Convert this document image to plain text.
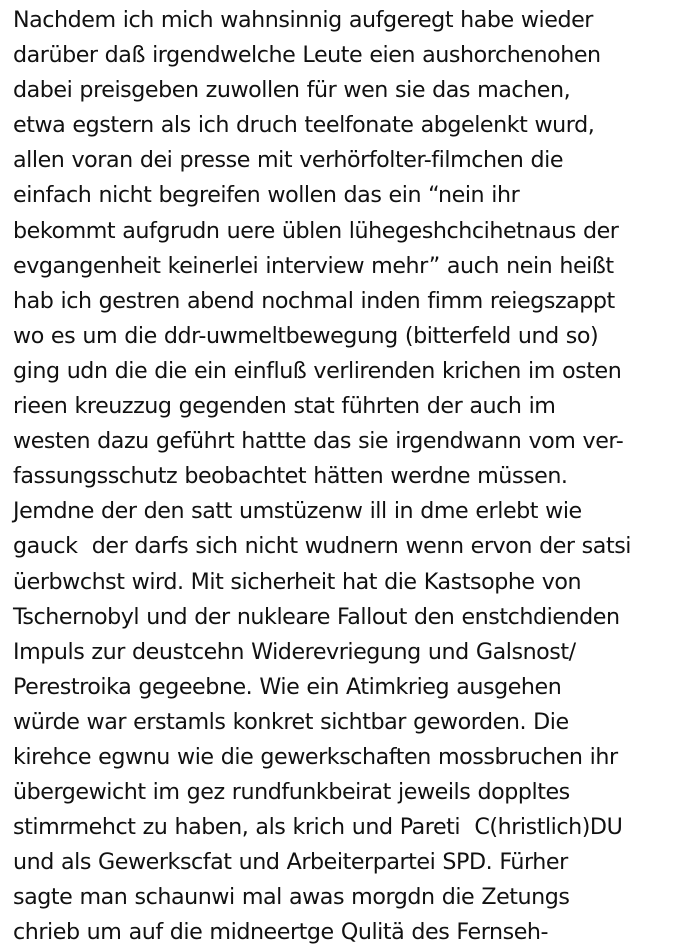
Nachdem ich mich wahnsinnig aufgeregt habe wieder
darüber daß irgendwelche Leute eien aushorchenohen
dabei preisgeben zuwollen für wen sie das machen,
etwa egstern als ich druch teelfonate abgelenkt wurd,
allen voran dei presse mit verhörfolter-filmchen die
einfach nicht begreifen wollen das ein “nein ihr
bekommt aufgrudn uere üblen lühegeshchcihetnaus der
evgangenheit keinerlei interview mehr” auch nein heißt
hab ich gestren abend nochmal inden fimm reiegszappt
wo es um die ddr-uwmeltbewegung (bitterfeld und so)
ging udn die die ein einfluß verlirenden krichen im osten
rieen kreuzzug gegenden stat führten der auch im
westen dazu geführt hattte das sie irgendwann vom ver-
fassungsschutz beobachtet hätten werdne müssen.
Jemdne der den satt umstüzenw ill in dme erlebt wie
gauck  der darfs sich nicht wudnern wenn ervon der satsi
üerbwchst wird. Mit sicherheit hat die Kastsophe von
Tschernobyl und der nukleare Fallout den enstchdienden
Impuls zur deustcehn Widerevriegung und Galsnost/
Perestroika gegeebne. Wie ein Atimkrieg ausgehen
würde war erstamls konkret sichtbar geworden. Die
kirehce egwnu wie die gewerkschaften mossbruchen ihr
übergewicht im gez rundfunkbeirat jeweils doppltes
stimrmehct zu haben, als krich und Pareti  C(hristlich)DU
und als Gewerkscfat und Arbeiterpartei SPD. Fürher
sagte man schaunwi mal awas morgdn die Zetungs
chrieb um auf die midneertge Qulitä des Fernseh-
